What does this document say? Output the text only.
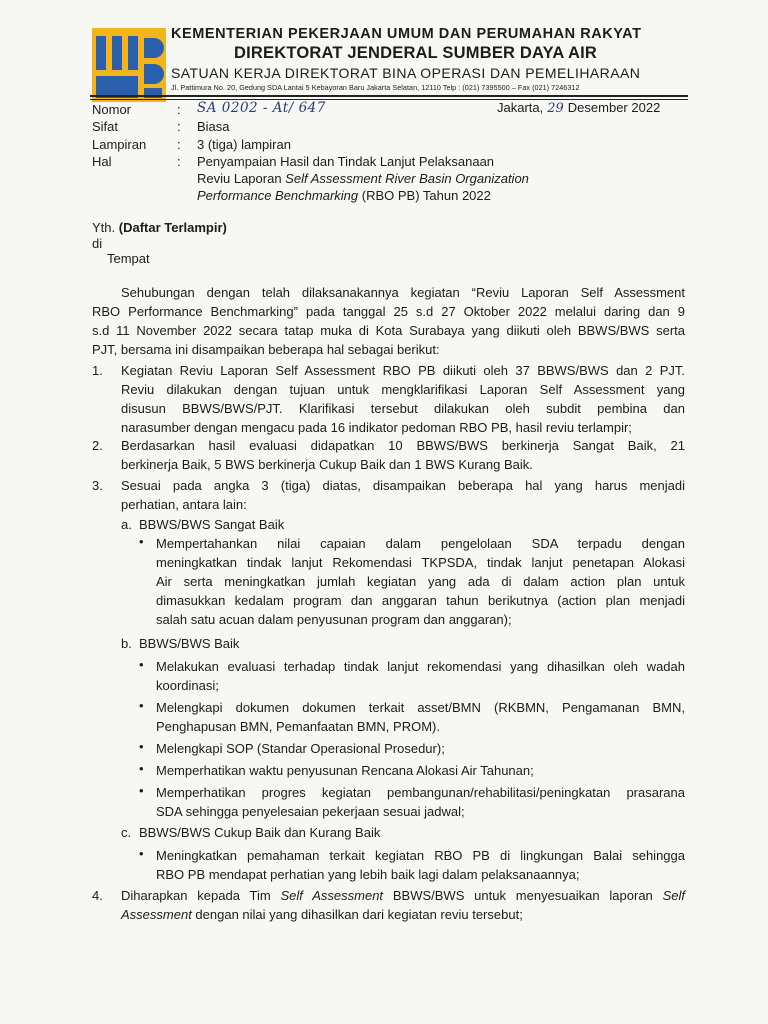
KEMENTERIAN PEKERJAAN UMUM DAN PERUMAHAN RAKYAT
DIREKTORAT JENDERAL SUMBER DAYA AIR
SATUAN KERJA DIREKTORAT BINA OPERASI DAN PEMELIHARAAN
Jl. Pattimura No. 20, Gedung SDA Lantai 5 Kebayoran Baru Jakarta Selatan, 12110 Telp : (021) 7395500 – Fax (021) 7246312
Nomor	: SA 0202 - At/ 647	Jakarta, 29 Desember 2022
Sifat	: Biasa
Lampiran : 3 (tiga) lampiran
Hal	: Penyampaian Hasil dan Tindak Lanjut Pelaksanaan
Reviu Laporan Self Assessment River Basin Organization
Performance Benchmarking (RBO PB) Tahun 2022
Yth. (Daftar Terlampir)
di
Tempat
Sehubungan dengan telah dilaksanakannya kegiatan “Reviu Laporan Self Assessment
RBO Performance Benchmarking” pada tanggal 25 s.d 27 Oktober 2022 melalui daring dan 9
s.d 11 November 2022 secara tatap muka di Kota Surabaya yang diikuti oleh BBWS/BWS serta
PJT, bersama ini disampaikan beberapa hal sebagai berikut:
1. Kegiatan Reviu Laporan Self Assessment RBO PB diikuti oleh 37 BBWS/BWS dan 2 PJT.
Reviu dilakukan dengan tujuan untuk mengklarifikasi Laporan Self Assessment yang
disusun BBWS/BWS/PJT. Klarifikasi tersebut dilakukan oleh subdit pembina dan
narasumber dengan mengacu pada 16 indikator pedoman RBO PB, hasil reviu terlampir;
2. Berdasarkan hasil evaluasi didapatkan 10 BBWS/BWS berkinerja Sangat Baik, 21
berkinerja Baik, 5 BWS berkinerja Cukup Baik dan 1 BWS Kurang Baik.
3. Sesuai pada angka 3 (tiga) diatas, disampaikan beberapa hal yang harus menjadi
perhatian, antara lain:
a. BBWS/BWS Sangat Baik
• Mempertahankan nilai capaian dalam pengelolaan SDA terpadu dengan
meningkatkan tindak lanjut Rekomendasi TKPSDA, tindak lanjut penetapan Alokasi
Air serta meningkatkan jumlah kegiatan yang ada di dalam action plan untuk
dimasukkan kedalam program dan anggaran tahun berikutnya (action plan menjadi
salah satu acuan dalam penyusunan program dan anggaran);
b. BBWS/BWS Baik
• Melakukan evaluasi terhadap tindak lanjut rekomendasi yang dihasilkan oleh wadah
koordinasi;
• Melengkapi dokumen dokumen terkait asset/BMN (RKBMN, Pengamanan BMN,
Penghapusan BMN, Pemanfaatan BMN, PROM).
• Melengkapi SOP (Standar Operasional Prosedur);
• Memperhatikan waktu penyusunan Rencana Alokasi Air Tahunan;
• Memperhatikan progres kegiatan pembangunan/rehabilitasi/peningkatan prasarana
SDA sehingga penyelesaian pekerjaan sesuai jadwal;
c. BBWS/BWS Cukup Baik dan Kurang Baik
• Meningkatkan pemahaman terkait kegiatan RBO PB di lingkungan Balai sehingga
RBO PB mendapat perhatian yang lebih baik lagi dalam pelaksanaannya;
4. Diharapkan kepada Tim Self Assessment BBWS/BWS untuk menyesuaikan laporan Self
Assessment dengan nilai yang dihasilkan dari kegiatan reviu tersebut;
